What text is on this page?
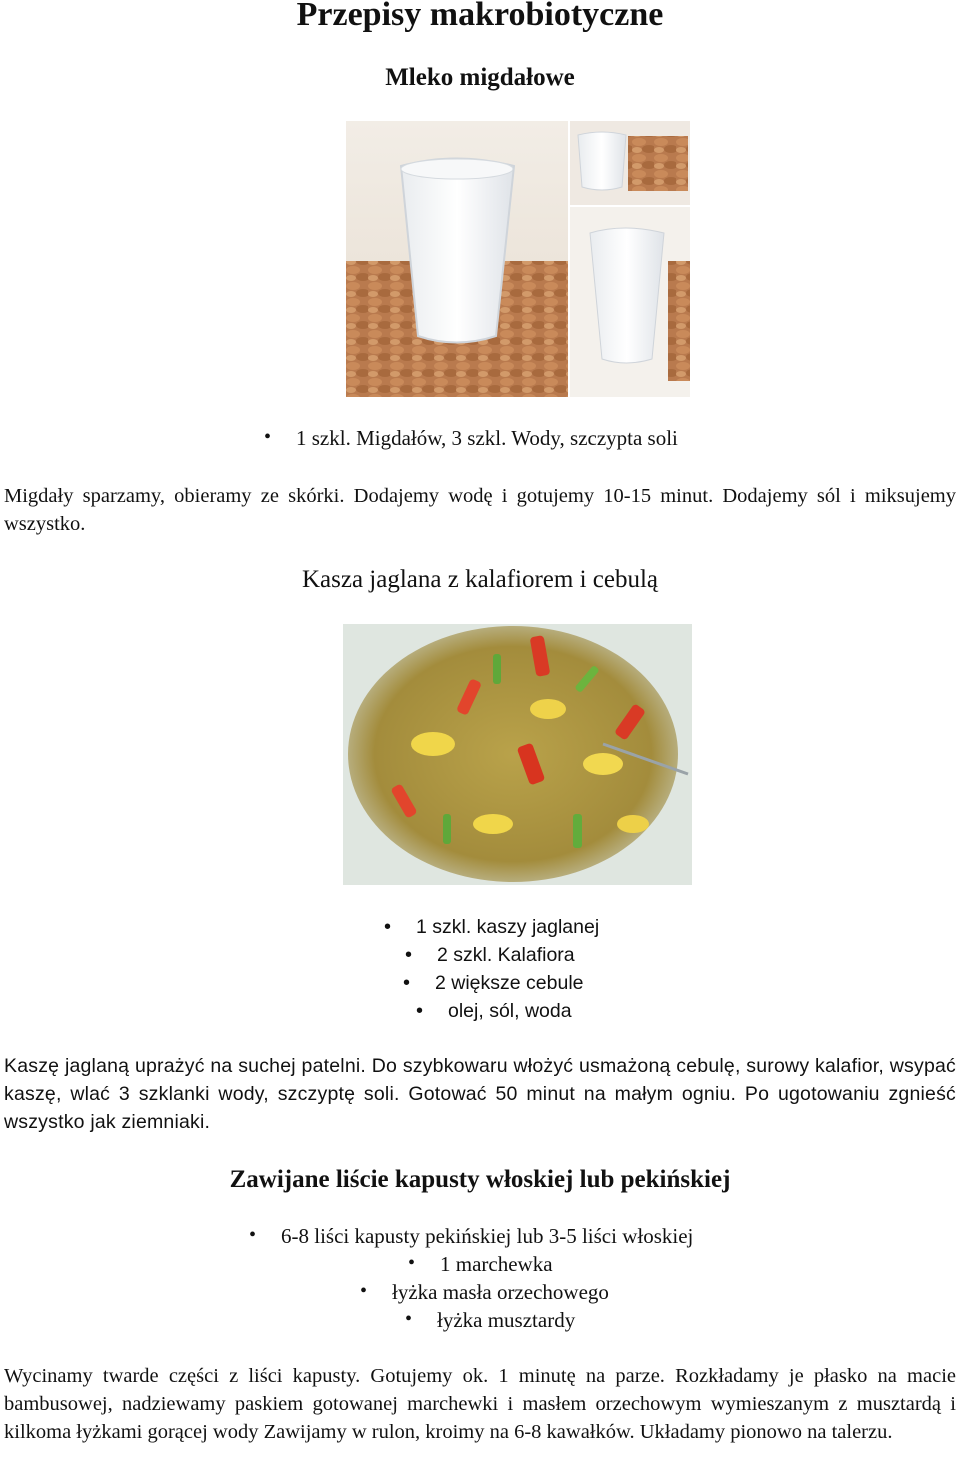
Przepisy makrobiotyczne
Mleko migdałowe
• 1 szkl. Migdałów, 3 szkl. Wody, szczypta soli
Migdały sparzamy, obieramy ze skórki. Dodajemy wodę i gotujemy 10-15 minut. Dodajemy sól i miksujemy wszystko.
Kasza jaglana z kalafiorem i cebulą
• 1 szkl. kaszy jaglanej
• 2 szkl. Kalafiora
• 2 większe cebule
• olej, sól, woda
Kaszę jaglaną uprażyć na suchej patelni. Do szybkowaru włożyć usmażoną cebulę, surowy kalafior, wsypać kaszę, wlać 3 szklanki wody, szczyptę soli. Gotować 50 minut na małym ogniu. Po ugotowaniu zgnieść wszystko jak ziemniaki.
Zawijane liście kapusty włoskiej lub pekińskiej
• 6-8 liści kapusty pekińskiej lub 3-5 liści włoskiej
• 1 marchewka
• łyżka masła orzechowego
• łyżka musztardy
Wycinamy twarde części z liści kapusty. Gotujemy ok. 1 minutę na parze. Rozkładamy je płasko na macie bambusowej, nadziewamy paskiem gotowanej marchewki i masłem orzechowym wymieszanym z musztardą i kilkoma łyżkami gorącej wody Zawijamy w rulon, kroimy na 6-8 kawałków. Układamy pionowo na talerzu.
